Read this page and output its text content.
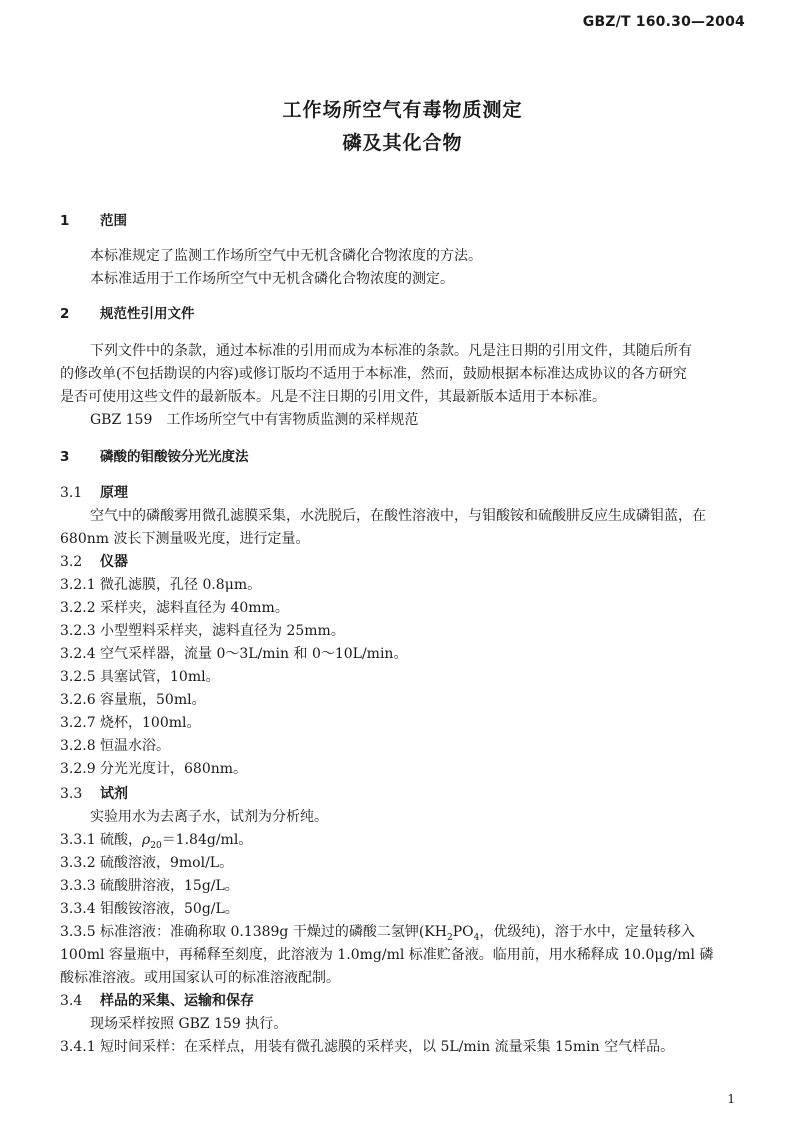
GBZ/T 160.30—2004
工作场所空气有毒物质测定
磷及其化合物
1 范围
本标准规定了监测工作场所空气中无机含磷化合物浓度的方法。
本标准适用于工作场所空气中无机含磷化合物浓度的测定。
2 规范性引用文件
下列文件中的条款，通过本标准的引用而成为本标准的条款。凡是注日期的引用文件，其随后所有
的修改单(不包括勘误的内容)或修订版均不适用于本标准，然而，鼓励根据本标准达成协议的各方研究
是否可使用这些文件的最新版本。凡是不注日期的引用文件，其最新版本适用于本标准。
GBZ 159　工作场所空气中有害物质监测的采样规范
3 磷酸的钼酸铵分光光度法
3.1 原理
空气中的磷酸雾用微孔滤膜采集，水洗脱后，在酸性溶液中，与钼酸铵和硫酸肼反应生成磷钼蓝，在
680nm 波长下测量吸光度，进行定量。
3.2 仪器
3.2.1 微孔滤膜，孔径 0.8μm。
3.2.2 采样夹，滤料直径为 40mm。
3.2.3 小型塑料采样夹，滤料直径为 25mm。
3.2.4 空气采样器，流量 0～3L/min 和 0～10L/min。
3.2.5 具塞试管，10ml。
3.2.6 容量瓶，50ml。
3.2.7 烧杯，100ml。
3.2.8 恒温水浴。
3.2.9 分光光度计，680nm。
3.3 试剂
实验用水为去离子水，试剂为分析纯。
3.3.1 硫酸，$\rho_{20}=1.84g/ml$。
3.3.2 硫酸溶液，9mol/L。
3.3.3 硫酸肼溶液，15g/L。
3.3.4 钼酸铵溶液，50g/L。
3.3.5 标准溶液：准确称取 0.1389g 干燥过的磷酸二氢钾($KH_2PO_4$，优级纯)，溶于水中，定量转移入
100ml 容量瓶中，再稀释至刻度，此溶液为 1.0mg/ml 标准贮备液。临用前，用水稀释成 10.0μg/ml 磷
酸标准溶液。或用国家认可的标准溶液配制。
3.4 样品的采集、运输和保存
现场采样按照 GBZ 159 执行。
3.4.1 短时间采样：在采样点，用装有微孔滤膜的采样夹，以 5L/min 流量采集 15min 空气样品。
1
